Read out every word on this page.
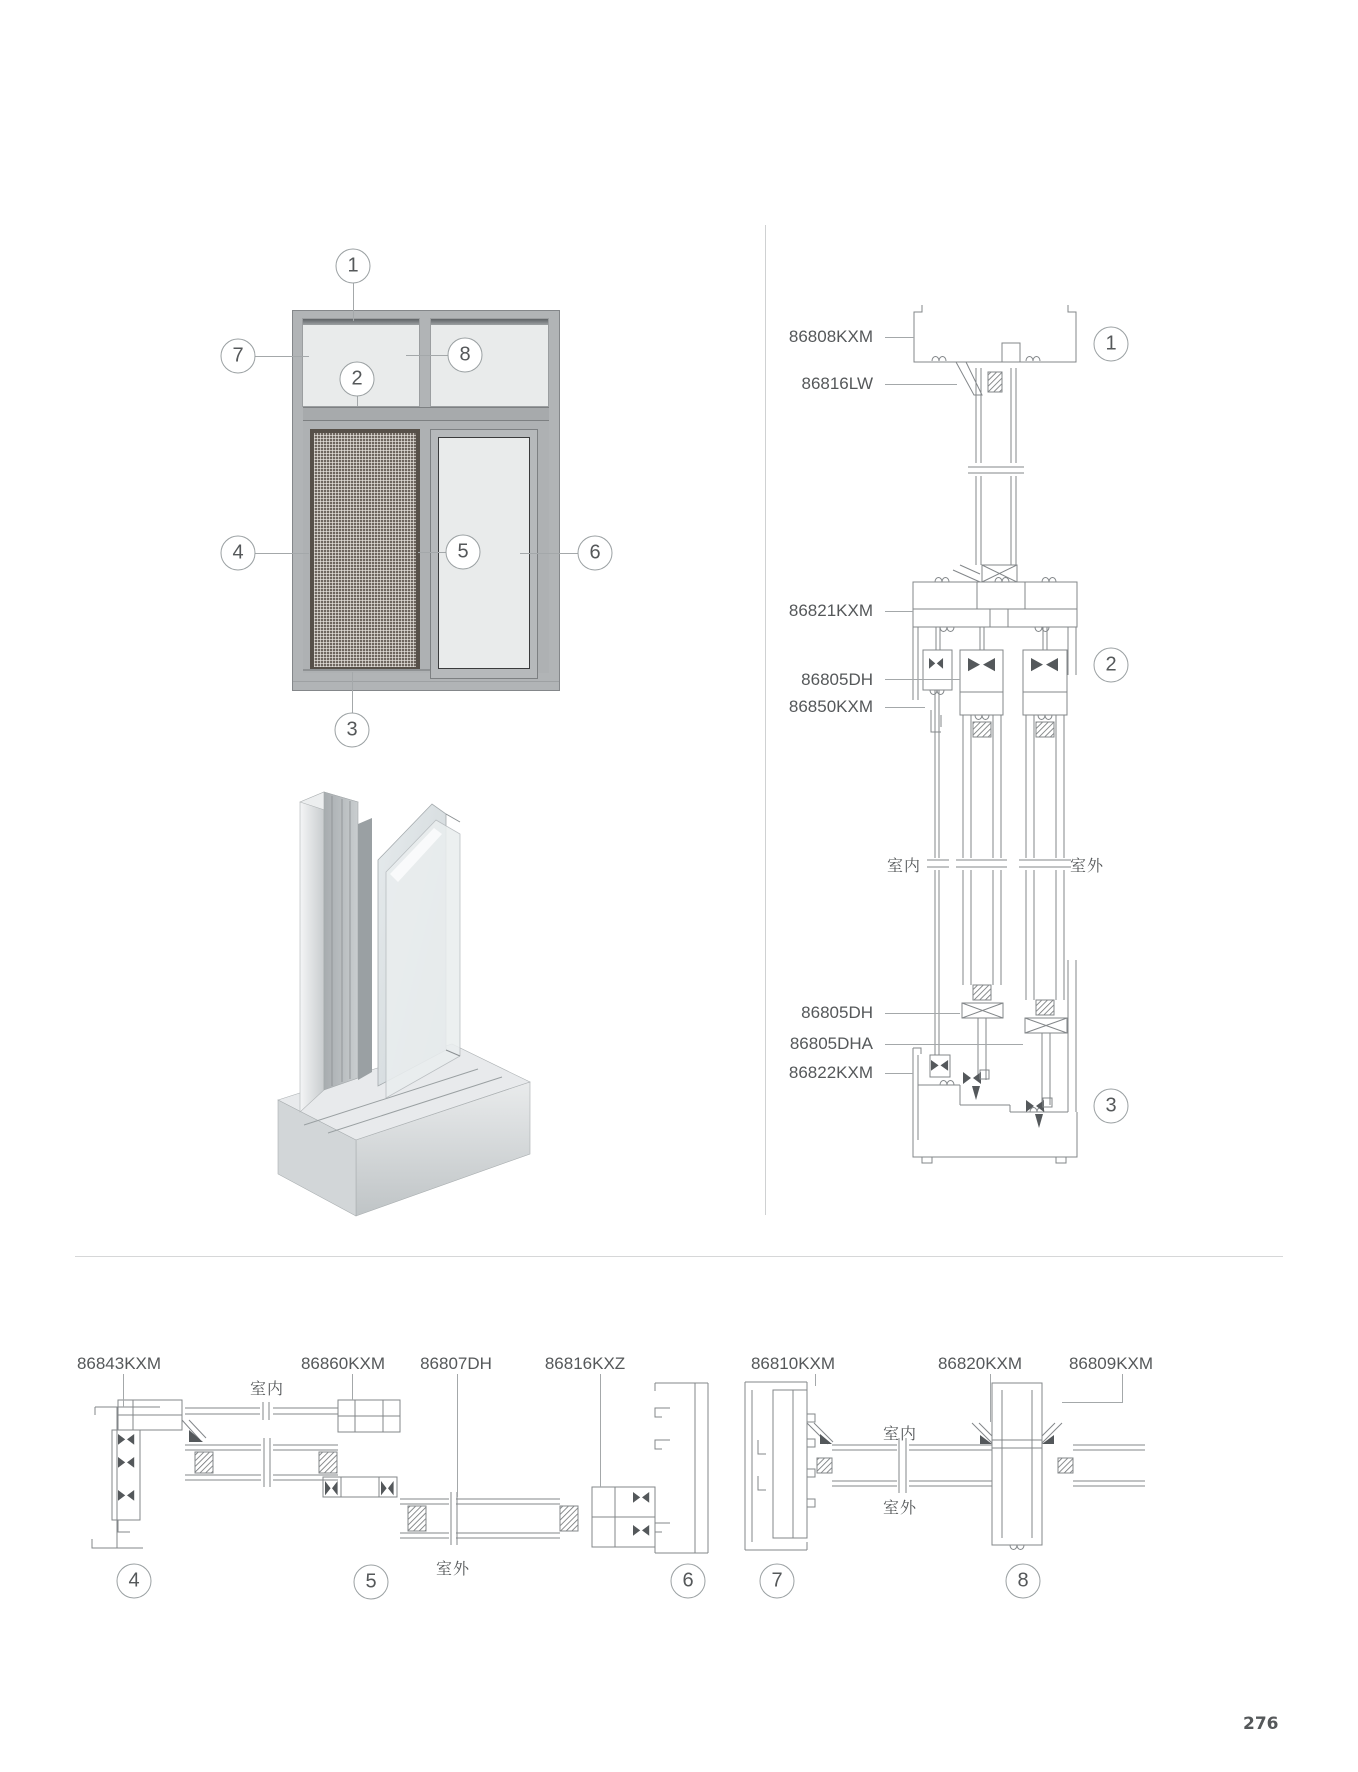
1
2
3
4	5	6
7	8
86808KXM
86816LW
86821KXM
86805DH
86850KXM
86805DH
86805DHA
86822KXM
室内	室外
1
2
3
86843KXM	86860KXM 86807DH	86816KXZ
室内
室外
4	5	6
86810KXM	86820KXM	86809KXM
室内
室外
7	8
276
